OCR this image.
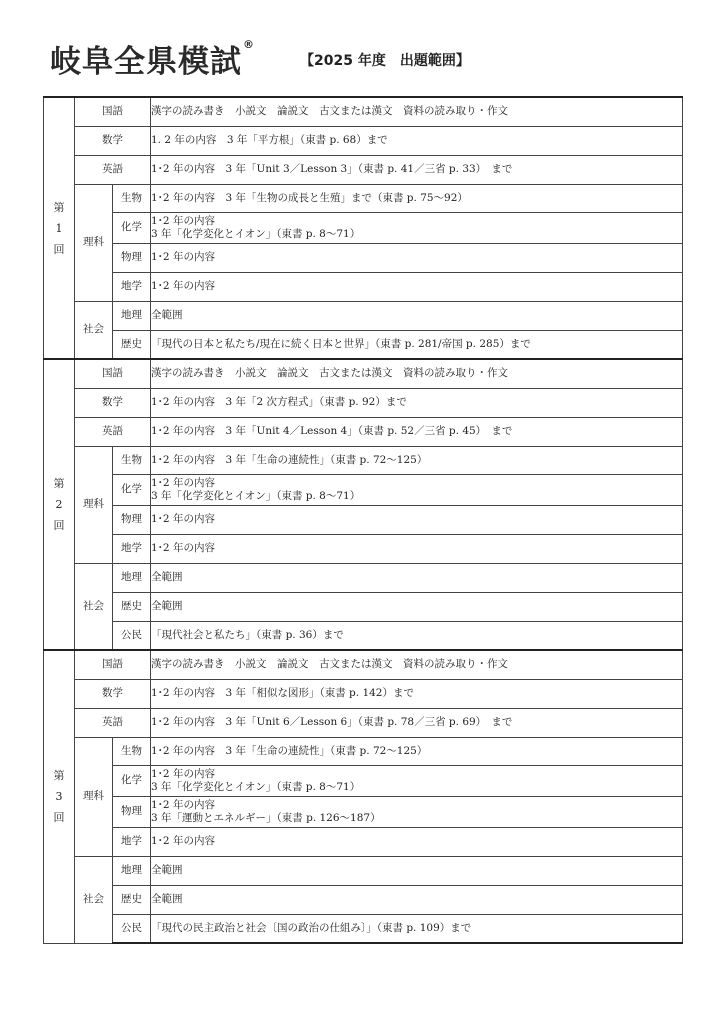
岐阜全県模試®
【2025 年度　出題範囲】
第
1
回	国語		漢字の読み書き　小説文　論説文　古文または漢文　資料の読み取り・作文

	数学		1. 2 年の内容　3 年「平方根」（東書 p. 68）まで

	英語		1･2 年の内容　3 年「Unit 3／Lesson 3」（東書 p. 41／三省 p. 33）　まで

	理科	生物	1･2 年の内容　3 年「生物の成長と生殖」まで（東書 p. 75～92）

		化学	1･2 年の内容
3 年「化学変化とイオン」（東書 p. 8～71）

		物理	1･2 年の内容

		地学	1･2 年の内容

	社会	地理	全範囲

		歴史	「現代の日本と私たち/現在に続く日本と世界」（東書 p. 281/帝国 p. 285）まで

第
2
回	国語		漢字の読み書き　小説文　論説文　古文または漢文　資料の読み取り・作文

	数学		1･2 年の内容　3 年「2 次方程式」（東書 p. 92）まで

	英語		1･2 年の内容　3 年「Unit 4／Lesson 4」（東書 p. 52／三省 p. 45）　まで

	理科	生物	1･2 年の内容　3 年「生命の連続性」（東書 p. 72～125）

		化学	1･2 年の内容
3 年「化学変化とイオン」（東書 p. 8～71）

		物理	1･2 年の内容

		地学	1･2 年の内容

	社会	地理	全範囲

		歴史	全範囲

		公民	「現代社会と私たち」（東書 p. 36）まで

第
3
回	国語		漢字の読み書き　小説文　論説文　古文または漢文　資料の読み取り・作文

	数学		1･2 年の内容　3 年「相似な図形」（東書 p. 142）まで

	英語		1･2 年の内容　3 年「Unit 6／Lesson 6」（東書 p. 78／三省 p. 69）　まで

	理科	生物	1･2 年の内容　3 年「生命の連続性」（東書 p. 72～125）

		化学	1･2 年の内容
3 年「化学変化とイオン」（東書 p. 8～71）

		物理	1･2 年の内容
3 年「運動とエネルギー」（東書 p. 126～187）

		地学	1･2 年の内容

	社会	地理	全範囲

		歴史	全範囲

		公民	「現代の民主政治と社会〔国の政治の仕組み〕」（東書 p. 109）まで
